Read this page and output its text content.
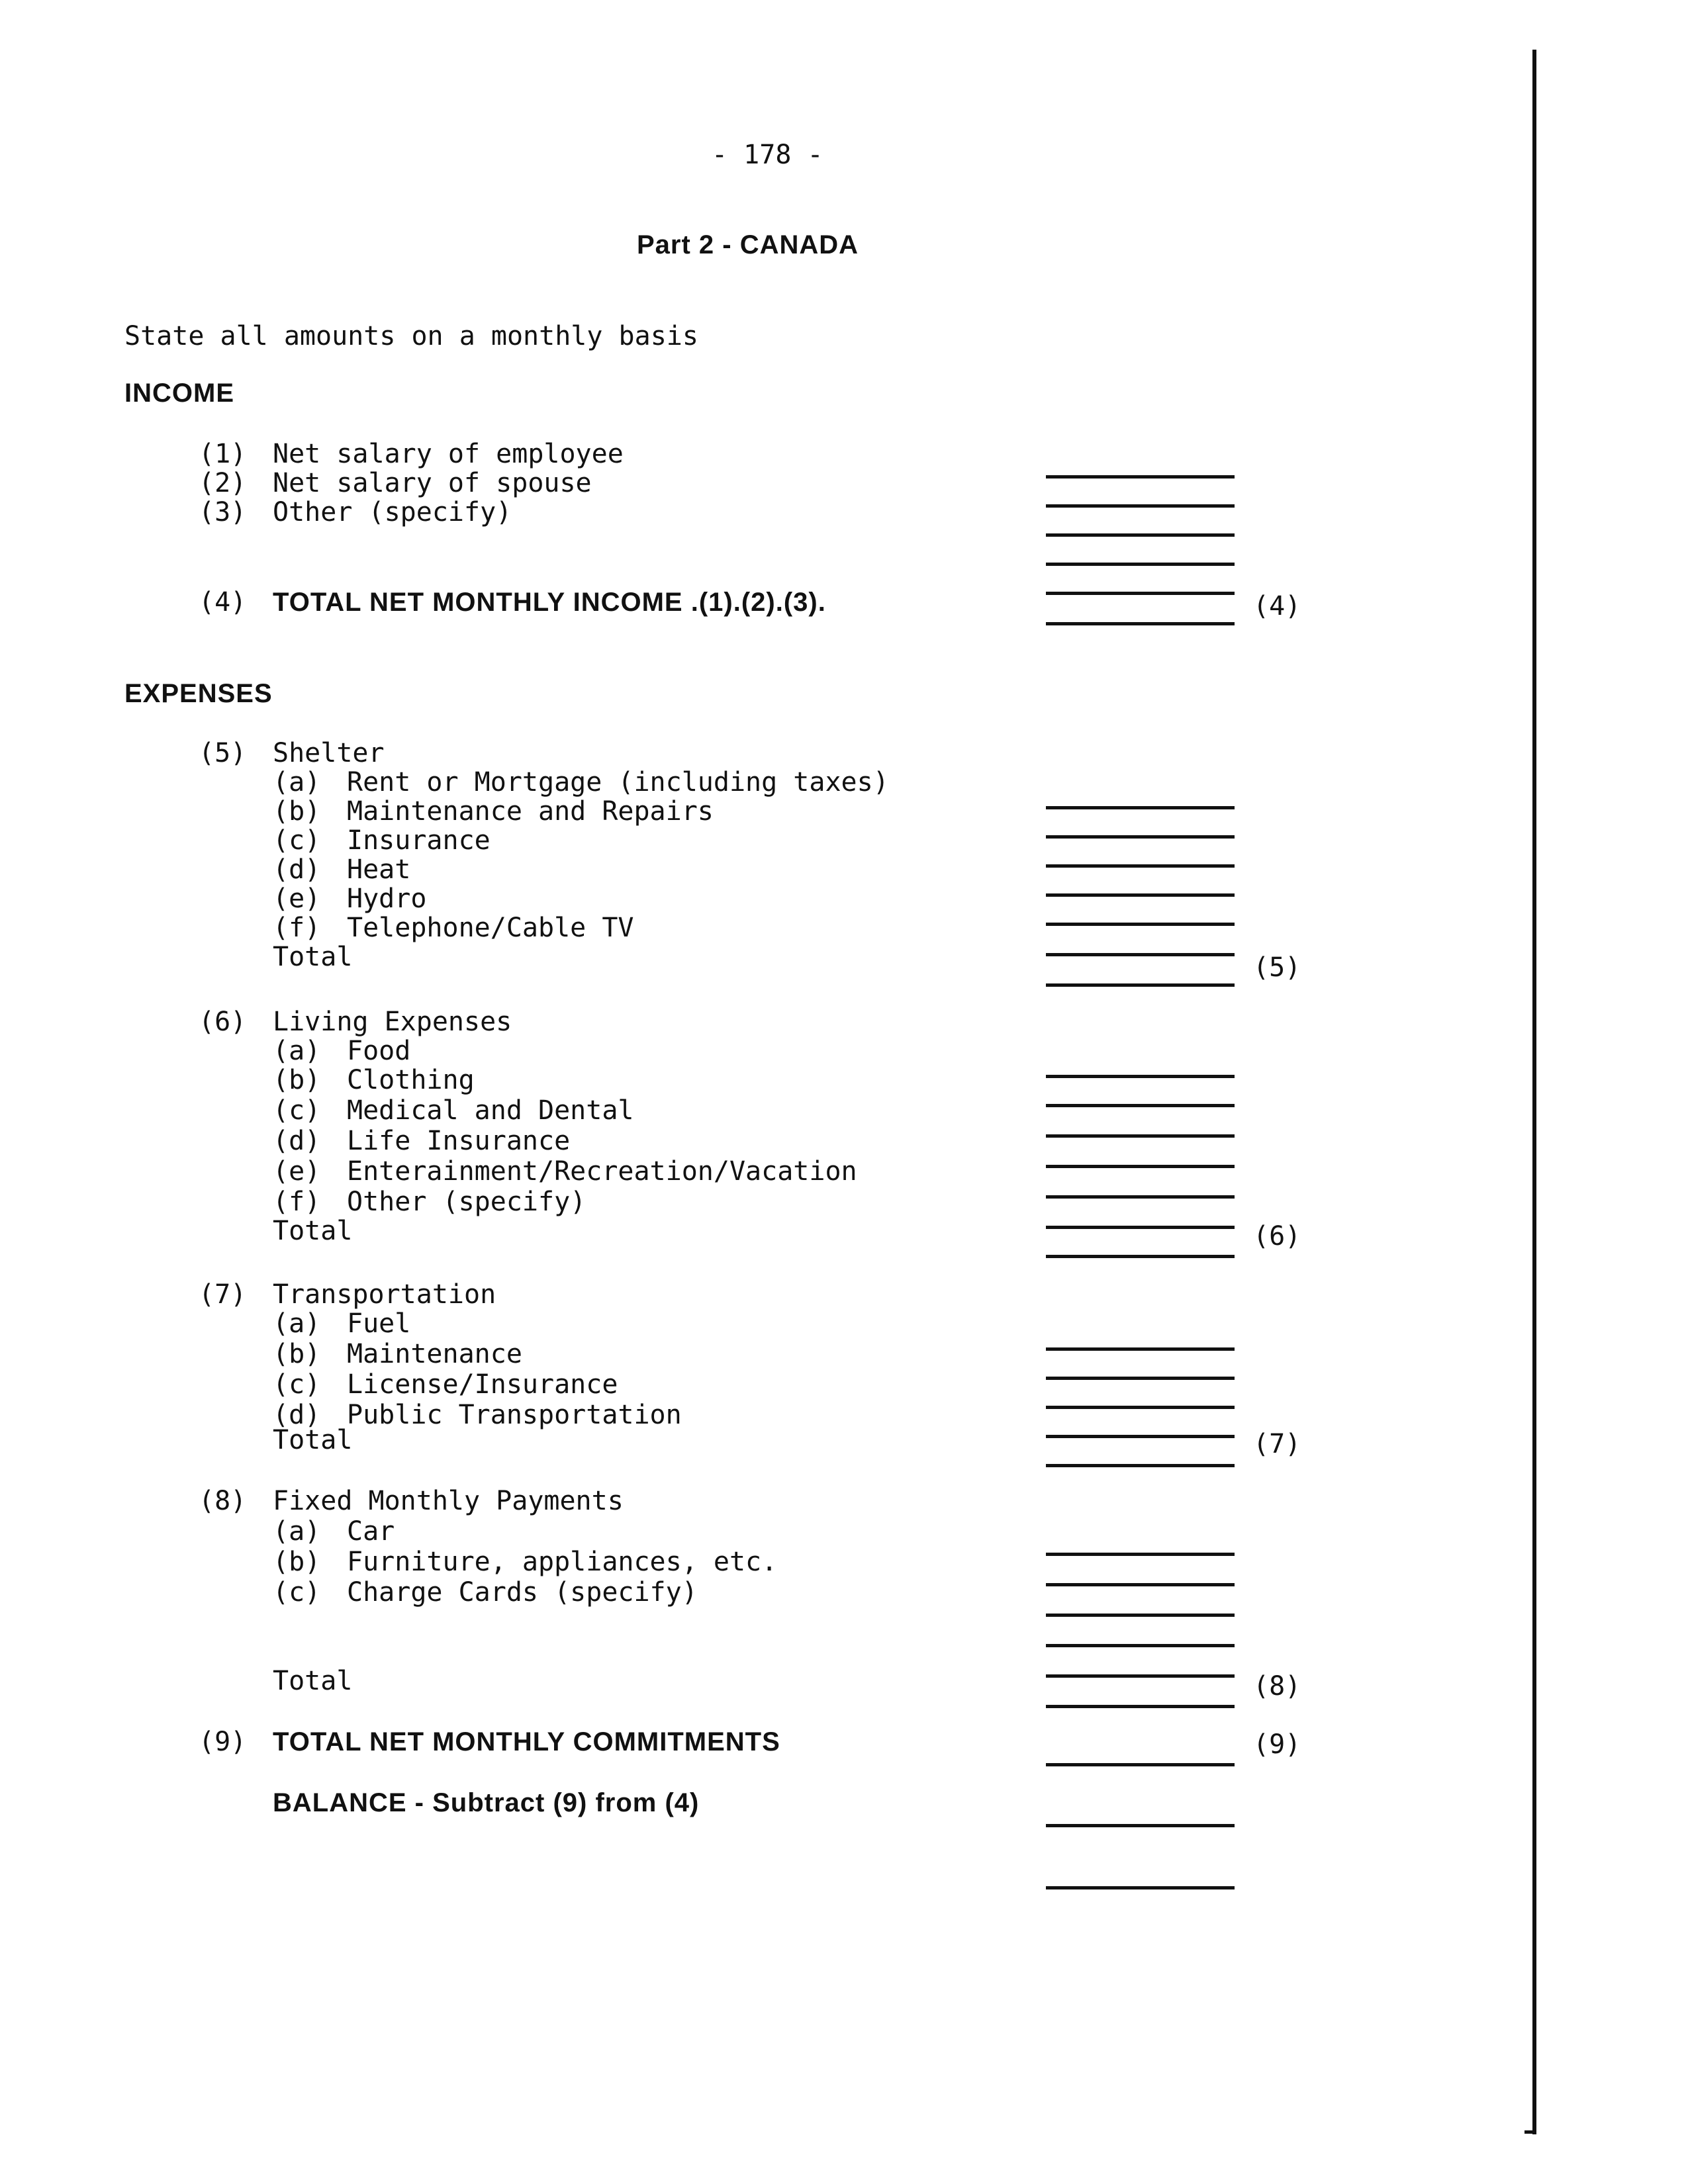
- 178 -
Part 2 - CANADA
State all amounts on a monthly basis
INCOME
(1) Net salary of employee
(2) Net salary of spouse
(3) Other (specify)
(4) TOTAL NET MONTHLY INCOME .(1).(2).(3).	(4)
EXPENSES
(5) Shelter
(a) Rent or Mortgage (including taxes)
(b) Maintenance and Repairs
(c) Insurance
(d) Heat
(e) Hydro
(f) Telephone/Cable TV
Total	(5)
(6) Living Expenses
(a) Food
(b) Clothing
(c) Medical and Dental
(d) Life Insurance
(e) Enterainment/Recreation/Vacation
(f) Other (specify)
Total	(6)
(7) Transportation
(a) Fuel
(b) Maintenance
(c) License/Insurance
(d) Public Transportation
Total	(7)
(8) Fixed Monthly Payments
(a) Car
(b) Furniture, appliances, etc.
(c) Charge Cards (specify)
Total	(8)
(9) TOTAL NET MONTHLY COMMITMENTS	(9)
BALANCE - Subtract (9) from (4)
